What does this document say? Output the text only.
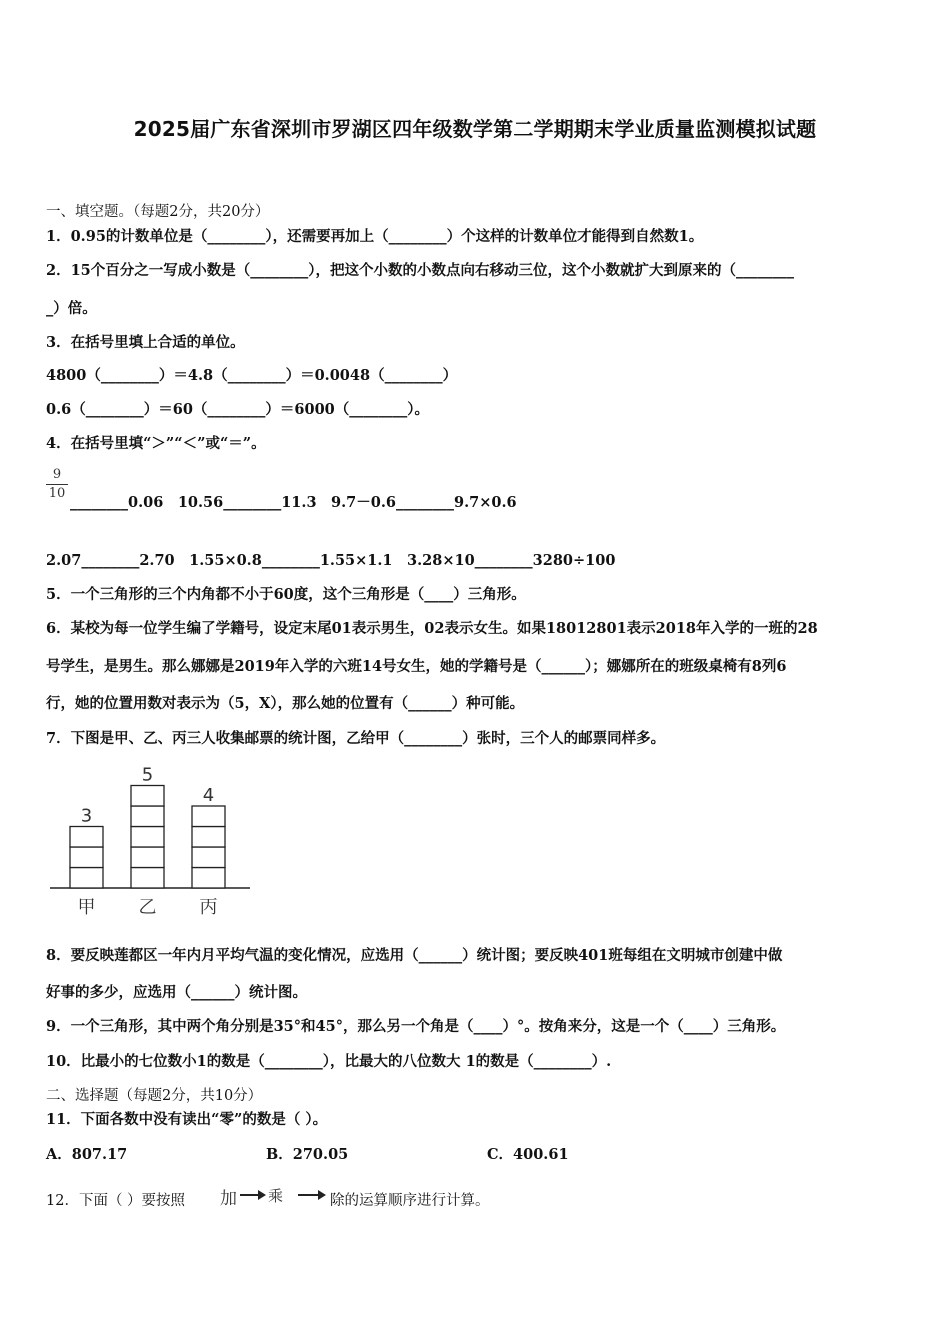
2025届广东省深圳市罗湖区四年级数学第二学期期末学业质量监测模拟试题
一、填空题。（每题2分，共20分）
1．0.95的计数单位是（________），还需要再加上（________）个这样的计数单位才能得到自然数1。
2．15个百分之一写成小数是（________），把这个小数的小数点向右移动三位，这个小数就扩大到原来的（________
_）倍。
3．在括号里填上合适的单位。
4800（________）＝4.8（________）＝0.0048（________）
0.6（________）＝60（________）＝6000（________）。
4．在括号里填“＞”“＜”或“＝”。
9
10
________0.06　10.56________11.3　9.7－0.6________9.7×0.6
2.07________2.70　1.55×0.8________1.55×1.1　3.28×10________3280÷100
5．一个三角形的三个内角都不小于60度，这个三角形是（____）三角形。
6．某校为每一位学生编了学籍号，设定末尾01表示男生，02表示女生。如果18012801表示2018年入学的一班的28
号学生，是男生。那么娜娜是2019年入学的六班14号女生，她的学籍号是（______）；娜娜所在的班级桌椅有8列6
行，她的位置用数对表示为（5，X），那么她的位置有（______）种可能。
7．下图是甲、乙、丙三人收集邮票的统计图，乙给甲（________）张时，三个人的邮票同样多。
3
甲
5
乙
4
丙
8．要反映莲都区一年内月平均气温的变化情况，应选用（______）统计图；要反映401班每组在文明城市创建中做
好事的多少，应选用（______）统计图。
9．一个三角形，其中两个角分别是35°和45°，那么另一个角是（____）°。按角来分，这是一个（____）三角形。
10．比最小的七位数小1的数是（________），比最大的八位数大 1的数是（________）.
二、选择题（每题2分，共10分）
11．下面各数中没有读出“零”的数是（ ）。
A．807.17	B．270.05	C．400.61
12．下面（ ）要按照 加 乘	除的运算顺序进行计算。
